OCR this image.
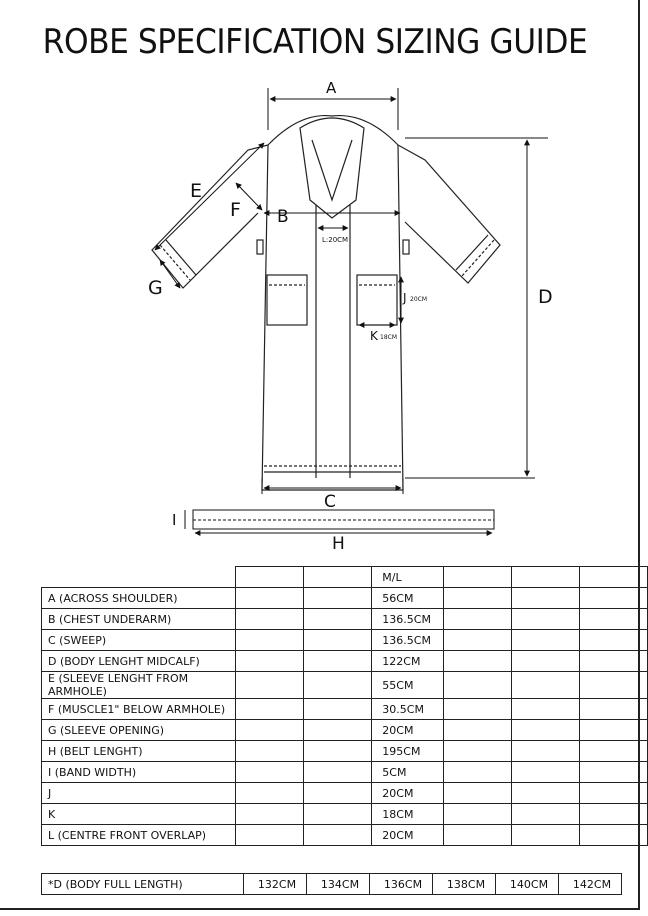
ROBE SPECIFICATION SIZING GUIDE
A
D
B
C
E
F
G
H
I
J 20CM
K 18CM
L:20CM
			M/L			
A (ACROSS SHOULDER)			56CM			
B (CHEST UNDERARM)			136.5CM			
C (SWEEP)			136.5CM			
D (BODY LENGHT MIDCALF)			122CM			
E (SLEEVE LENGHT FROM ARMHOLE)			55CM			
F (MUSCLE1" BELOW ARMHOLE)			30.5CM			
G (SLEEVE OPENING)			20CM			
H (BELT LENGHT)			195CM			
I (BAND WIDTH)			5CM			
J			20CM			
K			18CM			
L (CENTRE FRONT OVERLAP)			20CM			
*D (BODY FULL LENGTH)	132CM	134CM	136CM	138CM	140CM	142CM
